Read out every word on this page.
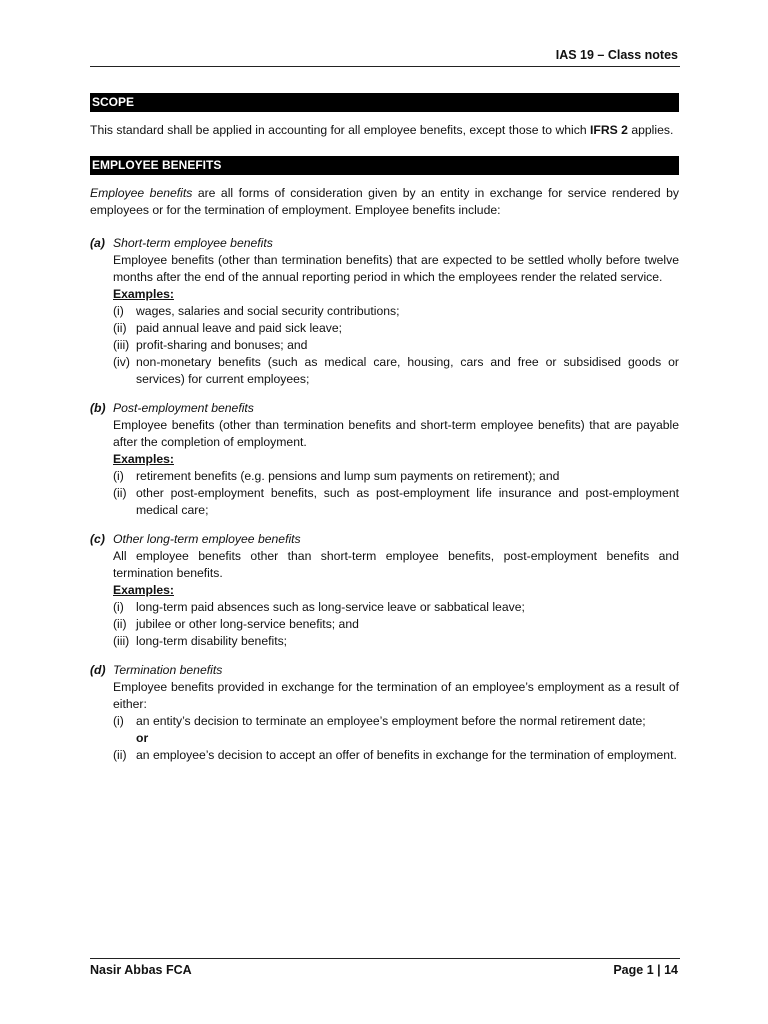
IAS 19 – Class notes
SCOPE

This standard shall be applied in accounting for all employee benefits, except those to which IFRS 2 applies.

EMPLOYEE BENEFITS

Employee benefits are all forms of consideration given by an entity in exchange for service rendered by employees or for the termination of employment. Employee benefits include:

(a) Short-term employee benefits
Employee benefits (other than termination benefits) that are expected to be settled wholly before twelve months after the end of the annual reporting period in which the employees render the related service.
Examples:
(i) wages, salaries and social security contributions;
(ii) paid annual leave and paid sick leave;
(iii) profit-sharing and bonuses; and
(iv) non-monetary benefits (such as medical care, housing, cars and free or subsidised goods or services) for current employees;
(b) Post-employment benefits
Employee benefits (other than termination benefits and short-term employee benefits) that are payable after the completion of employment.
Examples:
(i) retirement benefits (e.g. pensions and lump sum payments on retirement); and
(ii) other post-employment benefits, such as post-employment life insurance and post-employment medical care;
(c) Other long-term employee benefits
All employee benefits other than short-term employee benefits, post-employment benefits and termination benefits.
Examples:
(i) long-term paid absences such as long-service leave or sabbatical leave;
(ii) jubilee or other long-service benefits; and
(iii) long-term disability benefits;
(d) Termination benefits
Employee benefits provided in exchange for the termination of an employee’s employment as a result of either:
(i) an entity’s decision to terminate an employee’s employment before the normal retirement date;
or
(ii) an employee’s decision to accept an offer of benefits in exchange for the termination of employment.
Nasir Abbas FCA	Page 1 | 14
